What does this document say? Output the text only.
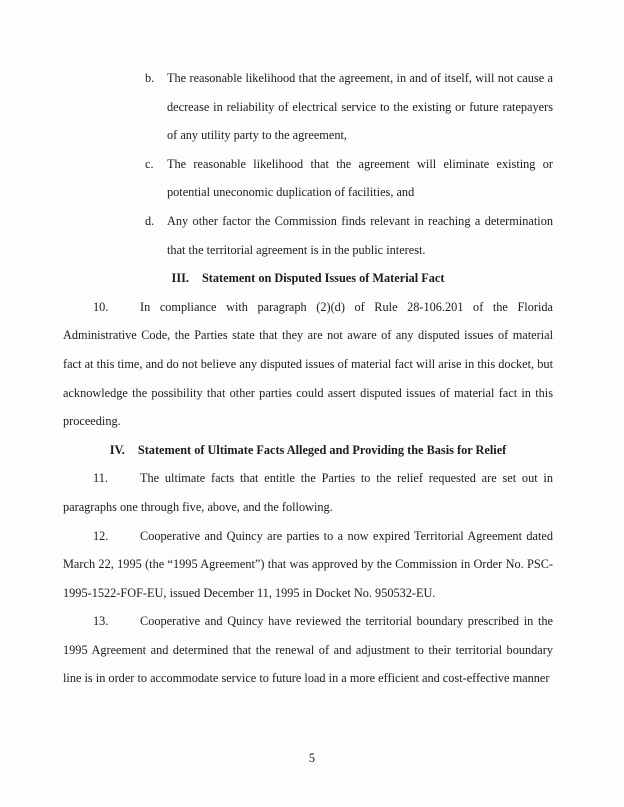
b. The reasonable likelihood that the agreement, in and of itself, will not cause a decrease in reliability of electrical service to the existing or future ratepayers of any utility party to the agreement,
c. The reasonable likelihood that the agreement will eliminate existing or potential uneconomic duplication of facilities, and
d. Any other factor the Commission finds relevant in reaching a determination that the territorial agreement is in the public interest.
III. Statement on Disputed Issues of Material Fact
10.	In compliance with paragraph (2)(d) of Rule 28-106.201 of the Florida Administrative Code, the Parties state that they are not aware of any disputed issues of material fact at this time, and do not believe any disputed issues of material fact will arise in this docket, but acknowledge the possibility that other parties could assert disputed issues of material fact in this proceeding.
IV. Statement of Ultimate Facts Alleged and Providing the Basis for Relief
11.	The ultimate facts that entitle the Parties to the relief requested are set out in paragraphs one through five, above, and the following.
12.	Cooperative and Quincy are parties to a now expired Territorial Agreement dated March 22, 1995 (the “1995 Agreement”) that was approved by the Commission in Order No. PSC-1995-1522-FOF-EU, issued December 11, 1995 in Docket No. 950532-EU.
13.	Cooperative and Quincy have reviewed the territorial boundary prescribed in the 1995 Agreement and determined that the renewal of and adjustment to their territorial boundary line is in order to accommodate service to future load in a more efficient and cost-effective manner
5
